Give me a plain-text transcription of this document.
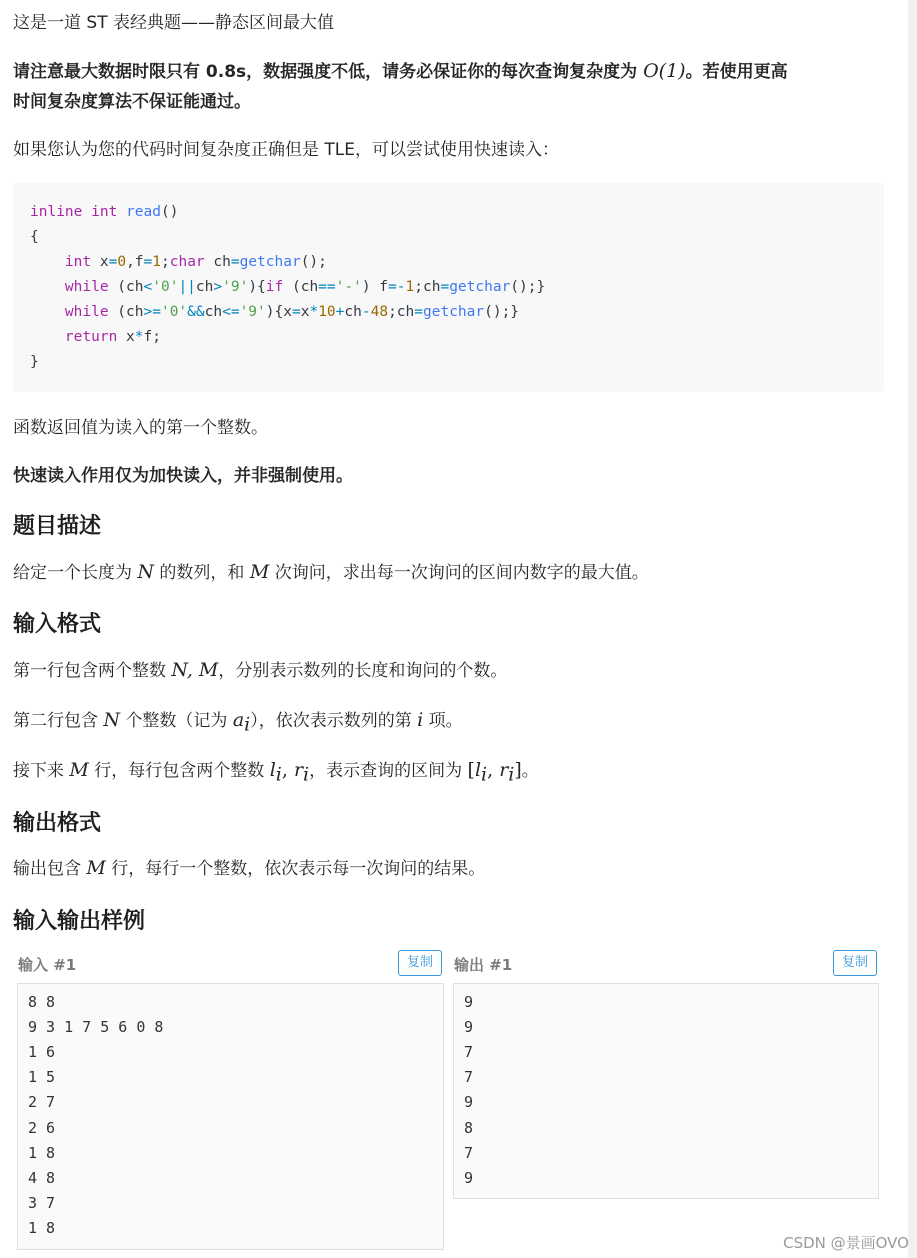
这是一道 ST 表经典题——静态区间最大值
请注意最大数据时限只有 0.8s，数据强度不低，请务必保证你的每次查询复杂度为 O(1)。若使用更高
时间复杂度算法不保证能通过。
如果您认为您的代码时间复杂度正确但是 TLE，可以尝试使用快速读入：
inline int read()
{
int x=0,f=1;char ch=getchar();
while (ch<'0'||ch>'9'){if (ch=='-') f=-1;ch=getchar();}
while (ch>='0'&&ch<='9'){x=x*10+ch-48;ch=getchar();}
return x*f;
}
函数返回值为读入的第一个整数。
快速读入作用仅为加快读入，并非强制使用。
题目描述
给定一个长度为 N 的数列，和 M 次询问，求出每一次询问的区间内数字的最大值。
输入格式
第一行包含两个整数 N, M，分别表示数列的长度和询问的个数。
第二行包含 N 个整数（记为 $a_i$），依次表示数列的第 i 项。
接下来 M 行，每行包含两个整数 $l_i$, $r_i$，表示查询的区间为 [$l_i$, $r_i$]。
输出格式
输出包含 M 行，每行一个整数，依次表示每一次询问的结果。
输入输出样例
输入 #1	复制
8 8
9 3 1 7 5 6 0 8
1 6
1 5
2 7
2 6
1 8
4 8
3 7
1 8
输出 #1	复制
9
9
7
7
9
8
7
9
CSDN @景画OVO
